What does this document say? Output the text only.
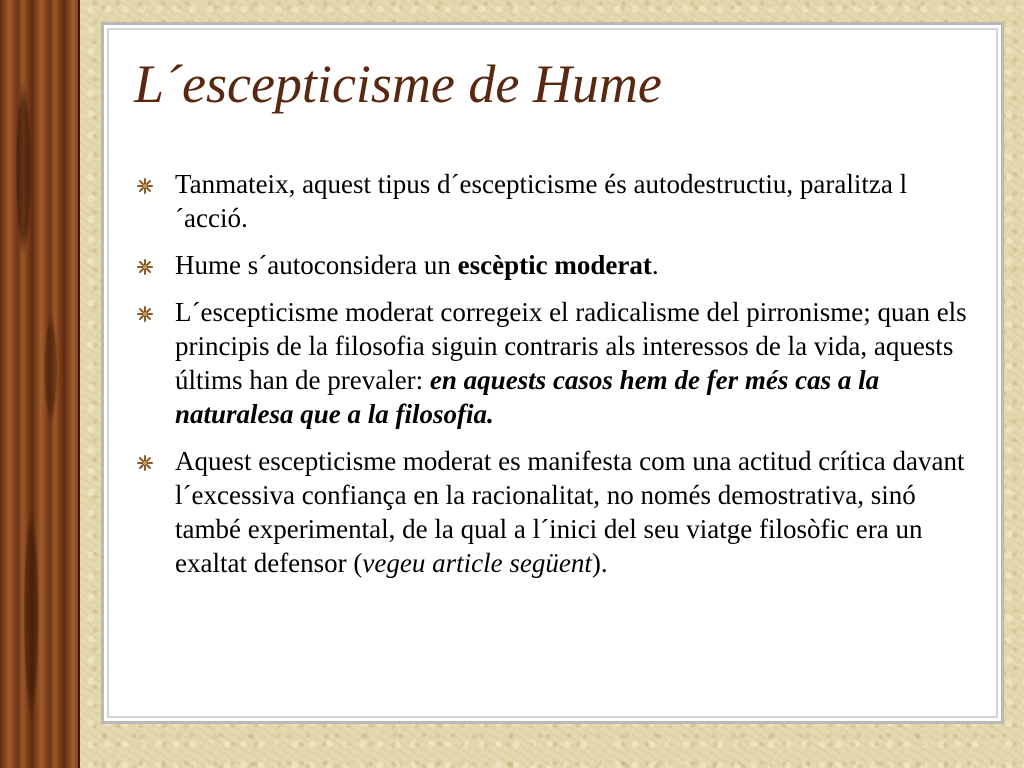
L´escepticisme de Hume
Tanmateix, aquest tipus d´escepticisme és autodestructiu, paralitza l´acció.
Hume s´autoconsidera un escèptic moderat.
L´escepticisme moderat corregeix el radicalisme del pirronisme; quan els principis de la filosofia siguin contraris als interessos de la vida, aquests últims han de prevaler: en aquests casos hem de fer més cas a la naturalesa que a la filosofia.
Aquest escepticisme moderat es manifesta com una actitud crítica davant l´excessiva confiança en la racionalitat, no només demostrativa, sinó també experimental, de la qual a l´inici del seu viatge filosòfic era un exaltat defensor (vegeu article següent).
